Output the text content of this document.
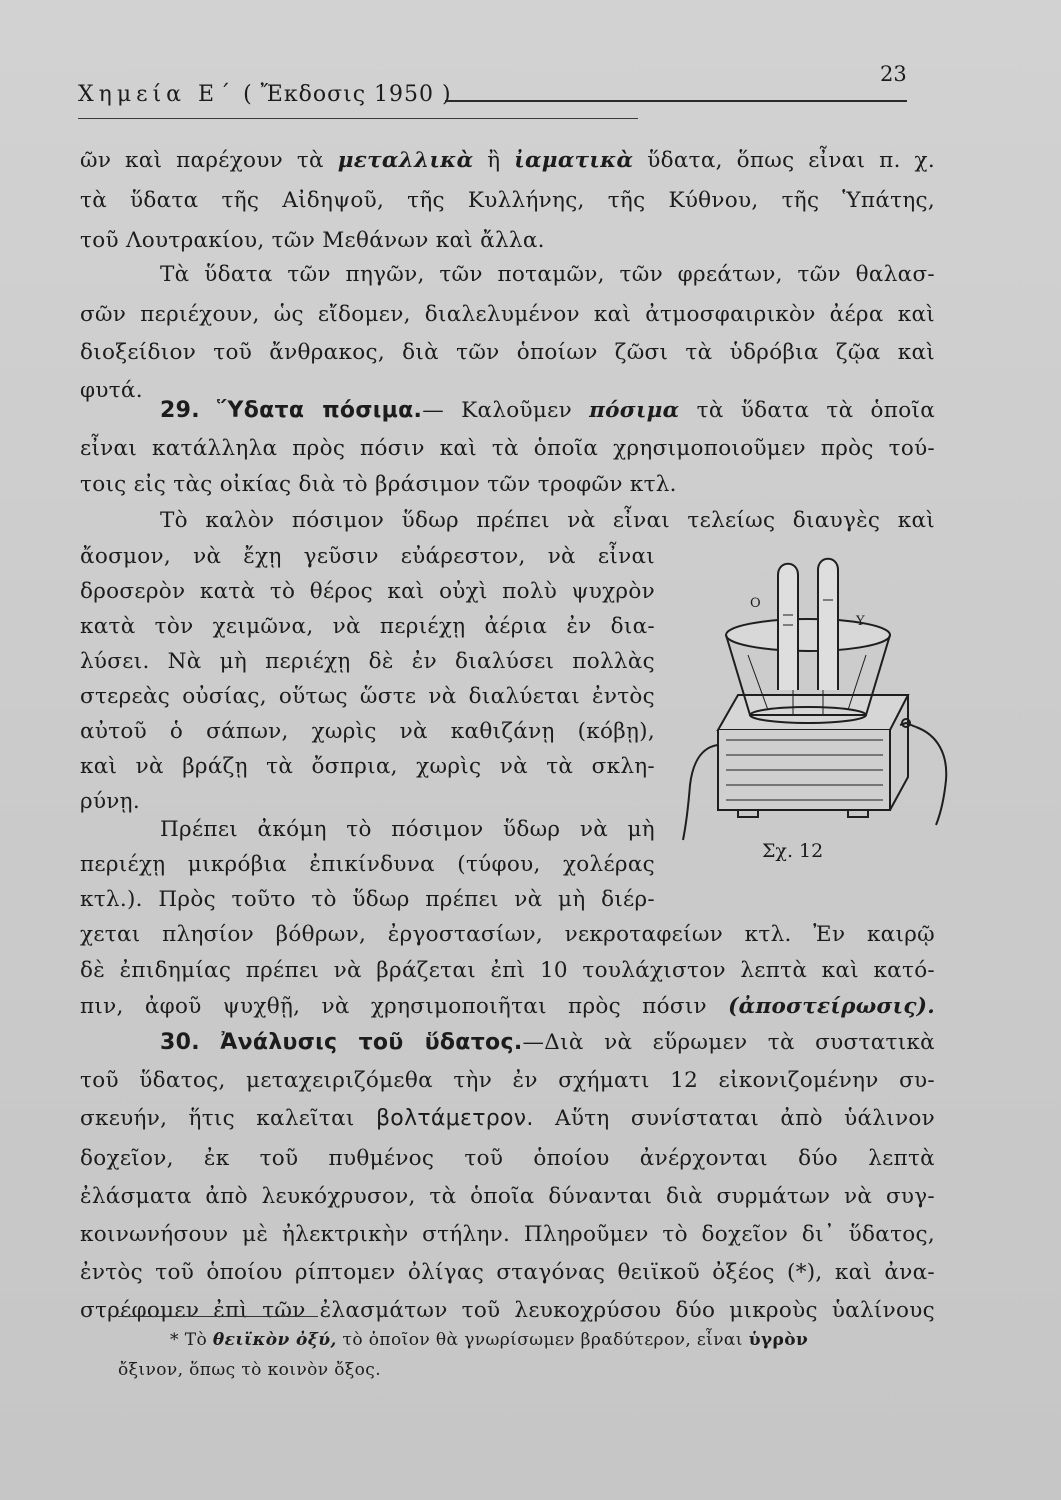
Χημεία Ε΄ ( Ἔκδοσις 1950 )
23
ῶν καὶ παρέχουν τὰ μεταλλικὰ ἢ ἰαματικὰ ὕδατα, ὅπως εἶναι π. χ.
τὰ ὕδατα τῆς Αἰδηψοῦ, τῆς Κυλλήνης, τῆς Κύθνου, τῆς Ὑπάτης,
τοῦ Λουτρακίου, τῶν Μεθάνων καὶ ἄλλα.
Τὰ ὕδατα τῶν πηγῶν, τῶν ποταμῶν, τῶν φρεάτων, τῶν θαλασ-
σῶν περιέχουν, ὡς εἴδομεν, διαλελυμένον καὶ ἀτμοσφαιρικὸν ἀέρα καὶ
διοξείδιον τοῦ ἄνθρακος, διὰ τῶν ὁποίων ζῶσι τὰ ὑδρόβια ζῷα καὶ
φυτά.
29. Ὕδατα πόσιμα.— Καλοῦμεν πόσιμα τὰ ὕδατα τὰ ὁποῖα
εἶναι κατάλληλα πρὸς πόσιν καὶ τὰ ὁποῖα χρησιμοποιοῦμεν πρὸς τού-
τοις εἰς τὰς οἰκίας διὰ τὸ βράσιμον τῶν τροφῶν κτλ.
Τὸ καλὸν πόσιμον ὕδωρ πρέπει νὰ εἶναι τελείως διαυγὲς καὶ
ἄοσμον, νὰ ἔχῃ γεῦσιν εὐάρεστον, νὰ εἶναι
δροσερὸν κατὰ τὸ θέρος καὶ οὐχὶ πολὺ ψυχρὸν
κατὰ τὸν χειμῶνα, νὰ περιέχῃ ἀέρια ἐν δια-
λύσει. Νὰ μὴ περιέχῃ δὲ ἐν διαλύσει πολλὰς
στερεὰς οὐσίας, οὕτως ὥστε νὰ διαλύεται ἐντὸς
αὐτοῦ ὁ σάπων, χωρὶς νὰ καθιζάνῃ (κόβῃ),
καὶ νὰ βράζῃ τὰ ὄσπρια, χωρὶς νὰ τὰ σκλη-
ρύνῃ.
Πρέπει ἀκόμη τὸ πόσιμον ὕδωρ νὰ μὴ
περιέχῃ μικρόβια ἐπικίνδυνα (τύφου, χολέρας
κτλ.). Πρὸς τοῦτο τὸ ὕδωρ πρέπει νὰ μὴ διέρ-
χεται πλησίον βόθρων, ἐργοστασίων, νεκροταφείων κτλ. Ἐν καιρῷ
δὲ ἐπιδημίας πρέπει νὰ βράζεται ἐπὶ 10 τουλάχιστον λεπτὰ καὶ κατό-
πιν, ἀφοῦ ψυχθῇ, νὰ χρησιμοποιῆται πρὸς πόσιν (ἀποστείρωσις).
30. Ἀνάλυσις τοῦ ὕδατος.—Διὰ νὰ εὕρωμεν τὰ συστατικὰ
τοῦ ὕδατος, μεταχειριζόμεθα τὴν ἐν σχήματι 12 εἰκονιζομένην συ-
σκευήν, ἥτις καλεῖται βολτάμετρον. Αὕτη συνίσταται ἀπὸ ὑάλινον
δοχεῖον, ἐκ τοῦ πυθμένος τοῦ ὁποίου ἀνέρχονται δύο λεπτὰ
ἐλάσματα ἀπὸ λευκόχρυσον, τὰ ὁποῖα δύνανται διὰ συρμάτων νὰ συγ-
κοινωνήσουν μὲ ἠλεκτρικὴν στήλην. Πληροῦμεν τὸ δοχεῖον δι᾿ ὕδατος,
ἐντὸς τοῦ ὁποίου ρίπτομεν ὀλίγας σταγόνας θειϊκοῦ ὀξέος (*), καὶ ἀνα-
στρέφομεν ἐπὶ τῶν ἐλασμάτων τοῦ λευκοχρύσου δύο μικροὺς ὑαλίνους
O
Y
Σχ. 12
* Τὸ θειϊκὸν ὀξύ, τὸ ὁποῖον θὰ γνωρίσωμεν βραδύτερον, εἶναι ὑγρὸν
ὄξινον, ὅπως τὸ κοινὸν ὄξος.
